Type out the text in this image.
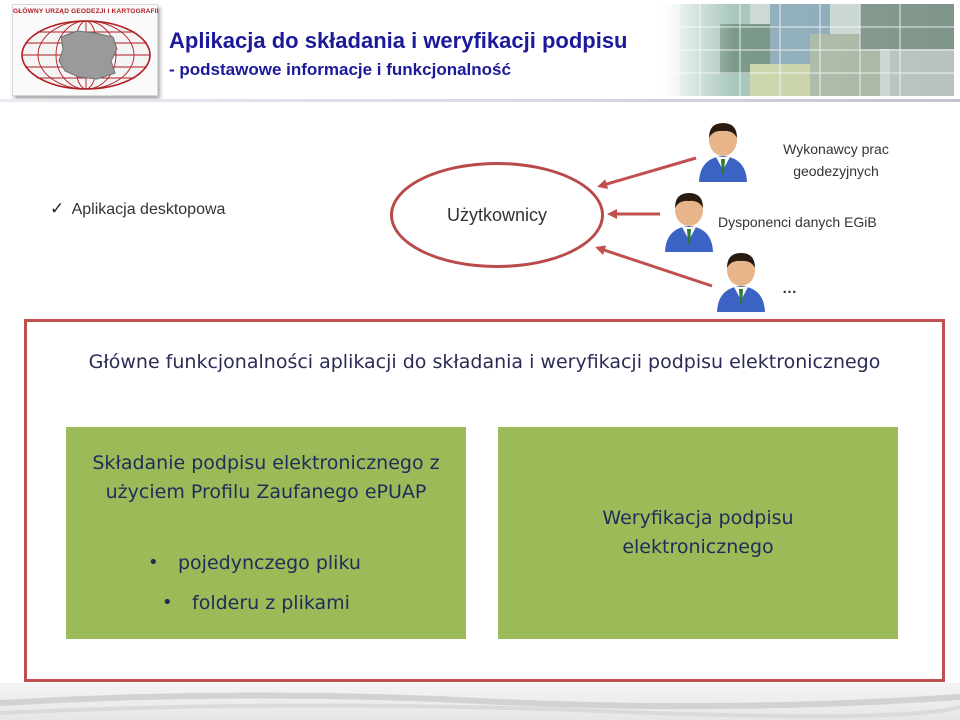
GŁÓWNY URZĄD GEODEZJI I KARTOGRAFII
Aplikacja do składania i weryfikacji podpisu
- podstawowe informacje i funkcjonalność
✓ Aplikacja desktopowa	Użytkownicy
Wykonawcy prac geodezyjnych
Dysponenci danych EGiB
…
Główne funkcjonalności aplikacji do składania i weryfikacji podpisu elektronicznego
Składanie podpisu elektronicznego z użyciem Profilu Zaufanego ePUAP
• pojedynczego pliku
• folderu z plikami
Weryfikacja podpisu elektronicznego
